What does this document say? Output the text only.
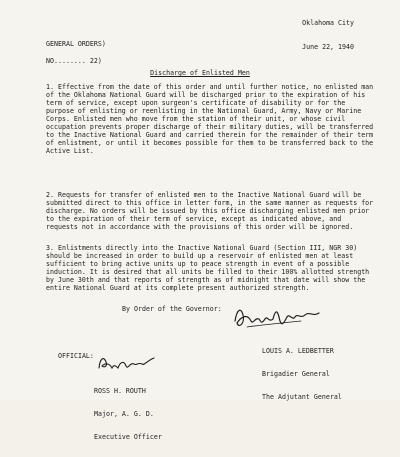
Oklahoma City

June 22, 1940

GENERAL ORDERS)
NO........ 22)
Discharge of Enlisted Men
1. Effective from the date of this order and until further notice, no enlisted man of the Oklahoma National Guard will be discharged prior to the expiration of his term of service, except upon surgeon's certificate of disability or for the purpose of enlisting or reenlisting in the National Guard, Army, Navy or Marine Corps. Enlisted men who move from the station of their unit, or whose civil occupation prevents proper discharge of their military duties, will be transferred to the Inactive National Guard and carried therein for the remainder of their term of enlistment, or until it becomes possible for them to be transferred back to the Active List.
2. Requests for transfer of enlisted men to the Inactive National Guard will be submitted direct to this office in letter form, in the same manner as requests for discharge. No orders will be issued by this office discharging enlisted men prior to the expiration of their term of service, except as indicated above, and requests not in accordance with the provisions of this order will be ignored.
3. Enlistments directly into the Inactive National Guard (Section III, NGR 30) should be increased in order to build up a reservoir of enlisted men at least sufficient to bring active units up to peace strength in event of a possible induction. It is desired that all units be filled to their 100% allotted strength by June 30th and that reports of strength as of midnight that date will show the entire National Guard at its complete present authorized strength.
By Order of the Governor:

LOUIS A. LEDBETTER

Brigadier General

The Adjutant General

OFFICIAL:

ROSS H. ROUTH

Major, A. G. D.

Executive Officer
